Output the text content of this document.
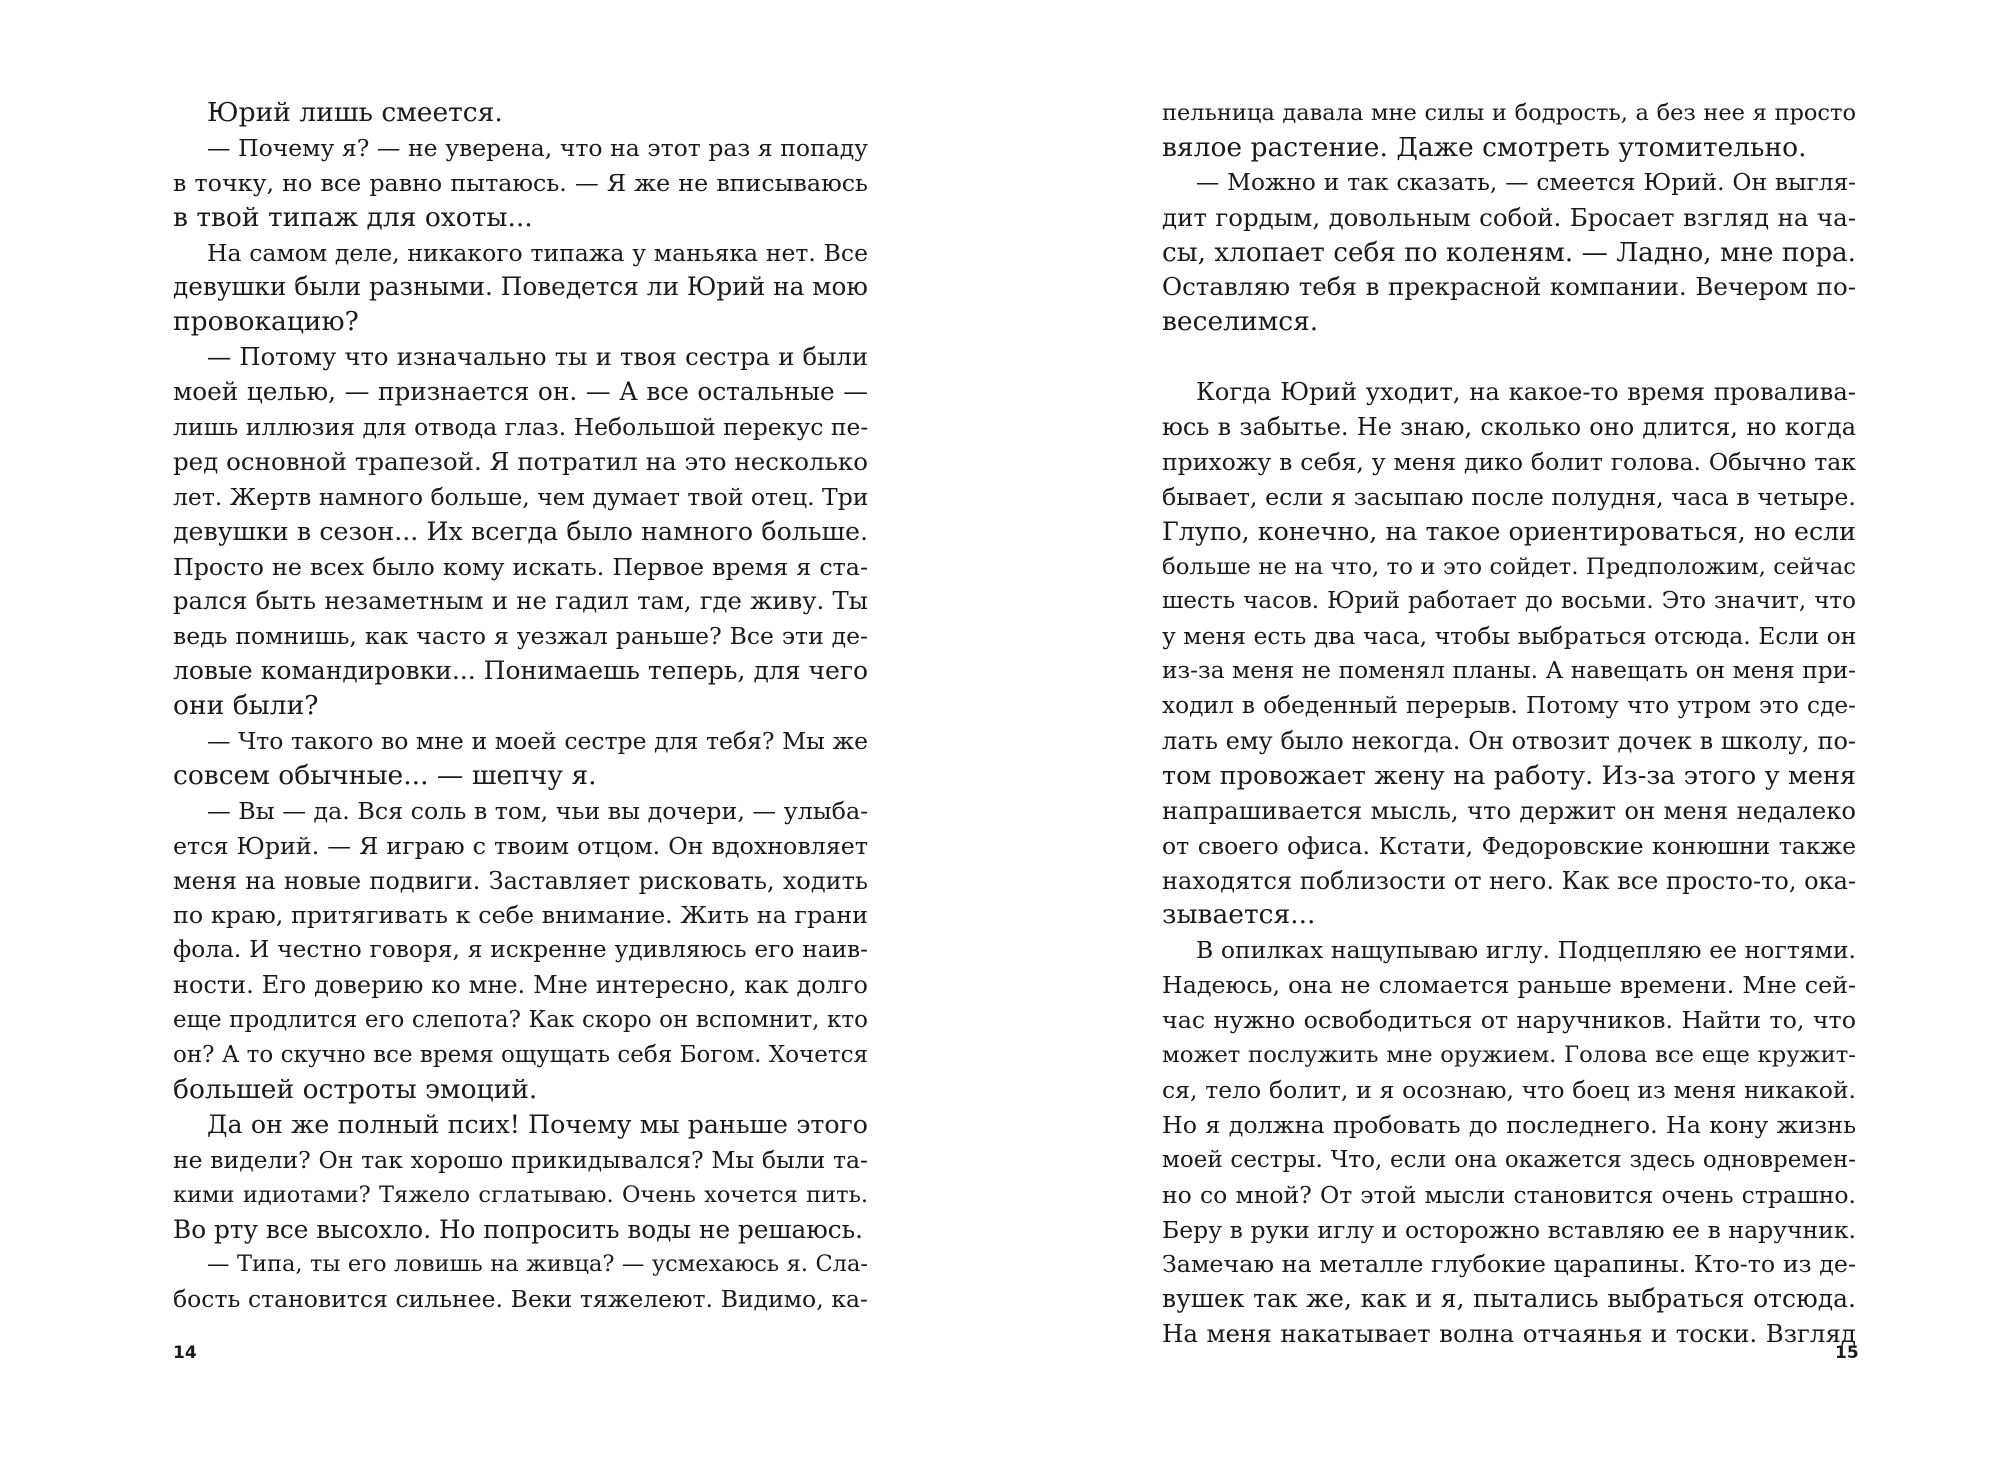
Юрий лишь смеется.
— Почему я? — не уверена, что на этот раз я попаду
в точку, но все равно пытаюсь. — Я же не вписываюсь
в твой типаж для охоты...
На самом деле, никакого типажа у маньяка нет. Все
девушки были разными. Поведется ли Юрий на мою
провокацию?
— Потому что изначально ты и твоя сестра и были
моей целью, — признается он. — А все остальные —
лишь иллюзия для отвода глаз. Небольшой перекус пе-
ред основной трапезой. Я потратил на это несколько
лет. Жертв намного больше, чем думает твой отец. Три
девушки в сезон... Их всегда было намного больше.
Просто не всех было кому искать. Первое время я ста-
рался быть незаметным и не гадил там, где живу. Ты
ведь помнишь, как часто я уезжал раньше? Все эти де-
ловые командировки... Понимаешь теперь, для чего
они были?
— Что такого во мне и моей сестре для тебя? Мы же
совсем обычные... — шепчу я.
— Вы — да. Вся соль в том, чьи вы дочери, — улыба-
ется Юрий. — Я играю с твоим отцом. Он вдохновляет
меня на новые подвиги. Заставляет рисковать, ходить
по краю, притягивать к себе внимание. Жить на грани
фола. И честно говоря, я искренне удивляюсь его наив-
ности. Его доверию ко мне. Мне интересно, как долго
еще продлится его слепота? Как скоро он вспомнит, кто
он? А то скучно все время ощущать себя Богом. Хочется
большей остроты эмоций.
Да он же полный псих! Почему мы раньше этого
не видели? Он так хорошо прикидывался? Мы были та-
кими идиотами? Тяжело сглатываю. Очень хочется пить.
Во рту все высохло. Но попросить воды не решаюсь.
— Типа, ты его ловишь на живца? — усмехаюсь я. Сла-
бость становится сильнее. Веки тяжелеют. Видимо, ка-
14
пельница давала мне силы и бодрость, а без нее я просто
вялое растение. Даже смотреть утомительно.
— Можно и так сказать, — смеется Юрий. Он выгля-
дит гордым, довольным собой. Бросает взгляд на ча-
сы, хлопает себя по коленям. — Ладно, мне пора.
Оставляю тебя в прекрасной компании. Вечером по-
веселимся.
Когда Юрий уходит, на какое-то время проваливa-
юсь в забытье. Не знаю, сколько оно длится, но когда
прихожу в себя, у меня дико болит голова. Обычно так
бывает, если я засыпаю после полудня, часа в четыре.
Глупо, конечно, на такое ориентироваться, но если
больше не на что, то и это сойдет. Предположим, сейчас
шесть часов. Юрий работает до восьми. Это значит, что
у меня есть два часа, чтобы выбраться отсюда. Если он
из-за меня не поменял планы. А навещать он меня при-
ходил в обеденный перерыв. Потому что утром это сде-
лать ему было некогда. Он отвозит дочек в школу, по-
том провожает жену на работу. Из-за этого у меня
напрашивается мысль, что держит он меня недалеко
от своего офиса. Кстати, Федоровские конюшни также
находятся поблизости от него. Как все просто-то, ока-
зывается...
В опилках нащупываю иглу. Подцепляю ее ногтями.
Надеюсь, она не сломается раньше времени. Мне сей-
час нужно освободиться от наручников. Найти то, что
может послужить мне оружием. Голова все еще кружит-
ся, тело болит, и я осознаю, что боец из меня никакой.
Но я должна пробовать до последнего. На кону жизнь
моей сестры. Что, если она окажется здесь одновремен-
но со мной? От этой мысли становится очень страшно.
Беру в руки иглу и осторожно вставляю ее в наручник.
Замечаю на металле глубокие царапины. Кто-то из де-
вушек так же, как и я, пытались выбраться отсюда.
На меня накатывает волна отчаянья и тоски. Взгляд
15
